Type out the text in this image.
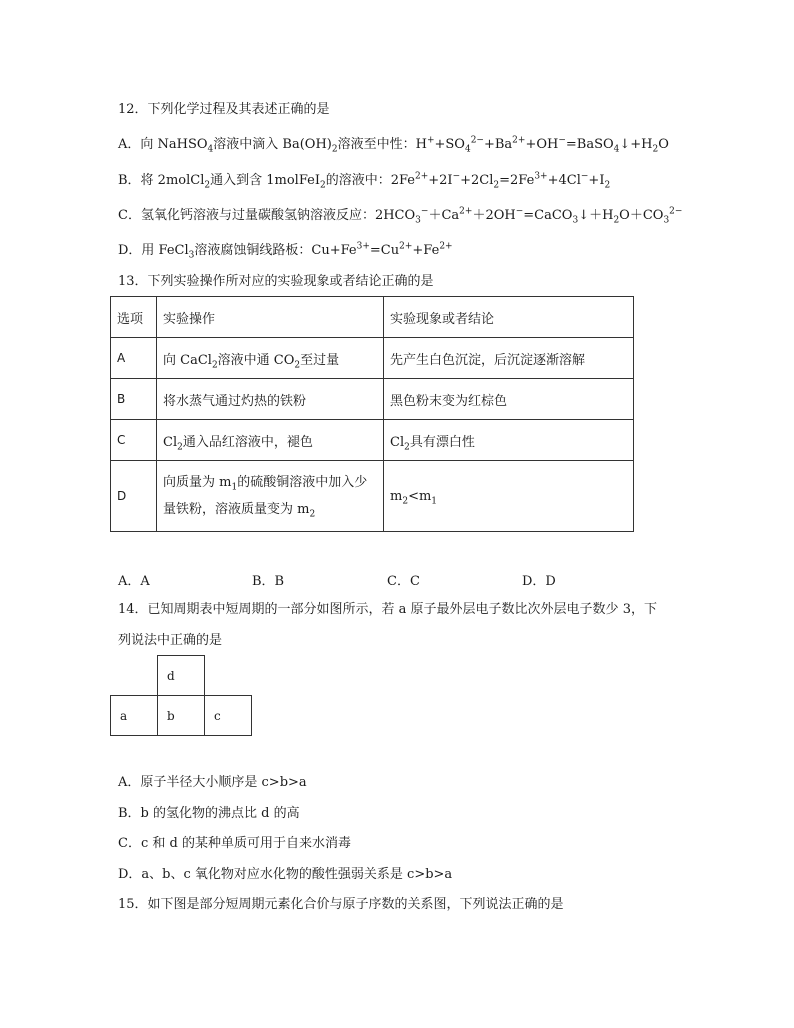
12．下列化学过程及其表述正确的是
A．向 NaHSO$_4$溶液中滴入 $Ba(OH)_2$溶液至中性：$H^++SO_4^{2-}+Ba^{2+}+OH^-=BaSO_4↓+H_2O$
B．将 2molCl$_2$通入到含 1molFeI$_2$的溶液中：$2Fe^{2+}+2I^-+2Cl_2=2Fe^{3+}+4Cl^-+I_2$
C．氢氧化钙溶液与过量碳酸氢钠溶液反应：$2HCO_3^-+Ca^{2+}+2OH^-=CaCO_3↓+H_2O+CO_3^{2-}$
D．用 FeCl$_3$溶液腐蚀铜线路板：$Cu+Fe^{3+}=Cu^{2+}+Fe^{2+}$
13．下列实验操作所对应的实验现象或者结论正确的是
选项	实验操作	实验现象或者结论
A	向 CaCl$_2$溶液中通 $CO_2$至过量	先产生白色沉淀，后沉淀逐渐溶解
B	将水蒸气通过灼热的铁粉	黑色粉末变为红棕色
C	$Cl_2$通入品红溶液中，褪色	$Cl_2$具有漂白性
D	向质量为 $m_1$的硫酸铜溶液中加入少
量铁粉，溶液质量变为 $m_2$	$m_2<m_1$
A．A	B．B	C．C	D．D
14．已知周期表中短周期的一部分如图所示，若 a 原子最外层电子数比次外层电子数少 3，下
列说法中正确的是
	d	
a	b	c
A．原子半径大小顺序是 c>b>a
B．b 的氢化物的沸点比 d 的高
C．c 和 d 的某种单质可用于自来水消毒
D．a、b、c 氧化物对应水化物的酸性强弱关系是 c>b>a
15．如下图是部分短周期元素化合价与原子序数的关系图，下列说法正确的是
